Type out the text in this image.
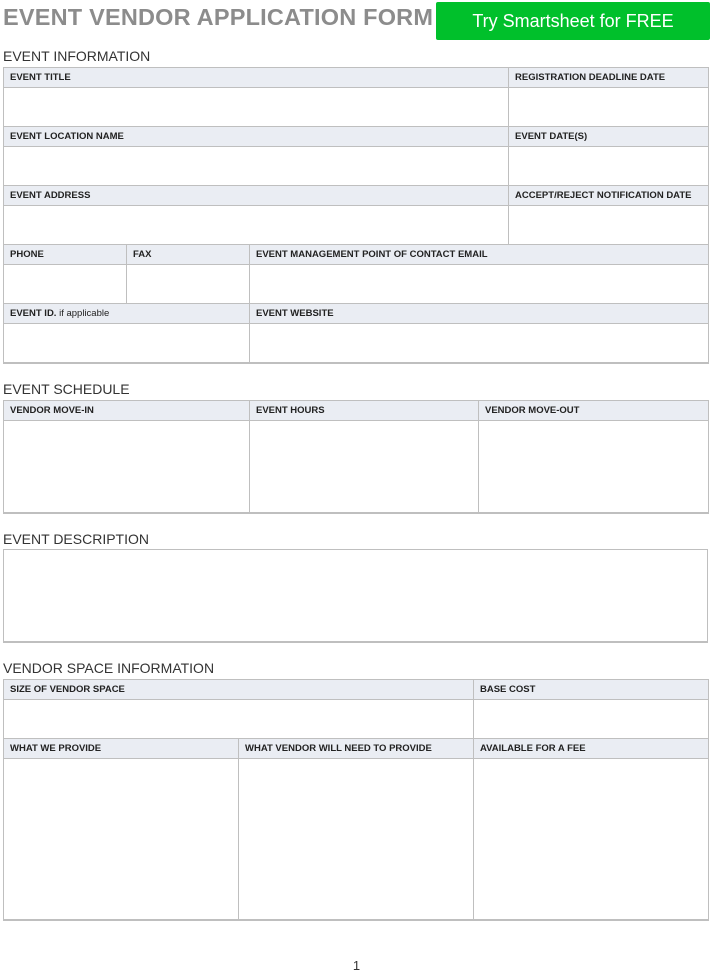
EVENT VENDOR APPLICATION FORM	Try Smartsheet for FREE
EVENT INFORMATION
EVENT TITLE			REGISTRATION DEADLINE DATE

EVENT LOCATION NAME			EVENT DATE(S)

EVENT ADDRESS			ACCEPT/REJECT NOTIFICATION DATE

PHONE	FAX	EVENT MANAGEMENT POINT OF CONTACT EMAIL	

EVENT ID. if applicable		EVENT WEBSITE	

EVENT SCHEDULE
VENDOR MOVE-IN	EVENT HOURS	VENDOR MOVE-OUT

EVENT DESCRIPTION
VENDOR SPACE INFORMATION
SIZE OF VENDOR SPACE		BASE COST

WHAT WE PROVIDE	WHAT VENDOR WILL NEED TO PROVIDE	AVAILABLE FOR A FEE

1
